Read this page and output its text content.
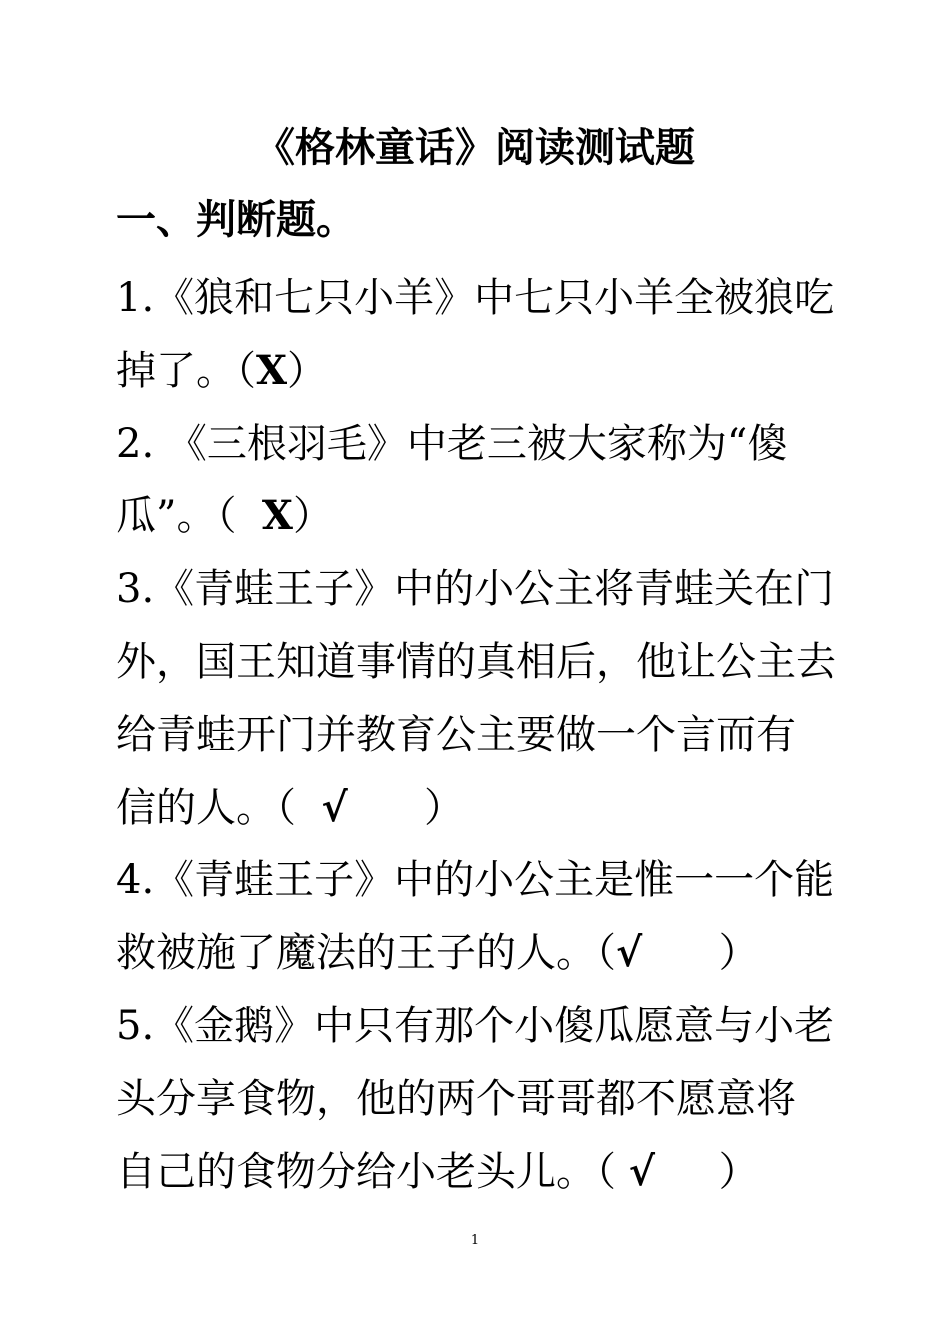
《格林童话》阅读测试题
一、判断题。
1.《狼和七只小羊》中七只小羊全被狼吃
掉了。（X）
2. 《三根羽毛》中老三被大家称为“傻
瓜”。（  X）
3.《青蛙王子》中的小公主将青蛙关在门
外，国王知道事情的真相后，他让公主去
给青蛙开门并教育公主要做一个言而有
信的人。（  √      ）
4.《青蛙王子》中的小公主是惟一一个能
救被施了魔法的王子的人。（√      ）
5.《金鹅》中只有那个小傻瓜愿意与小老
头分享食物，他的两个哥哥都不愿意将
自己的食物分给小老头儿。（ √     ）
1
